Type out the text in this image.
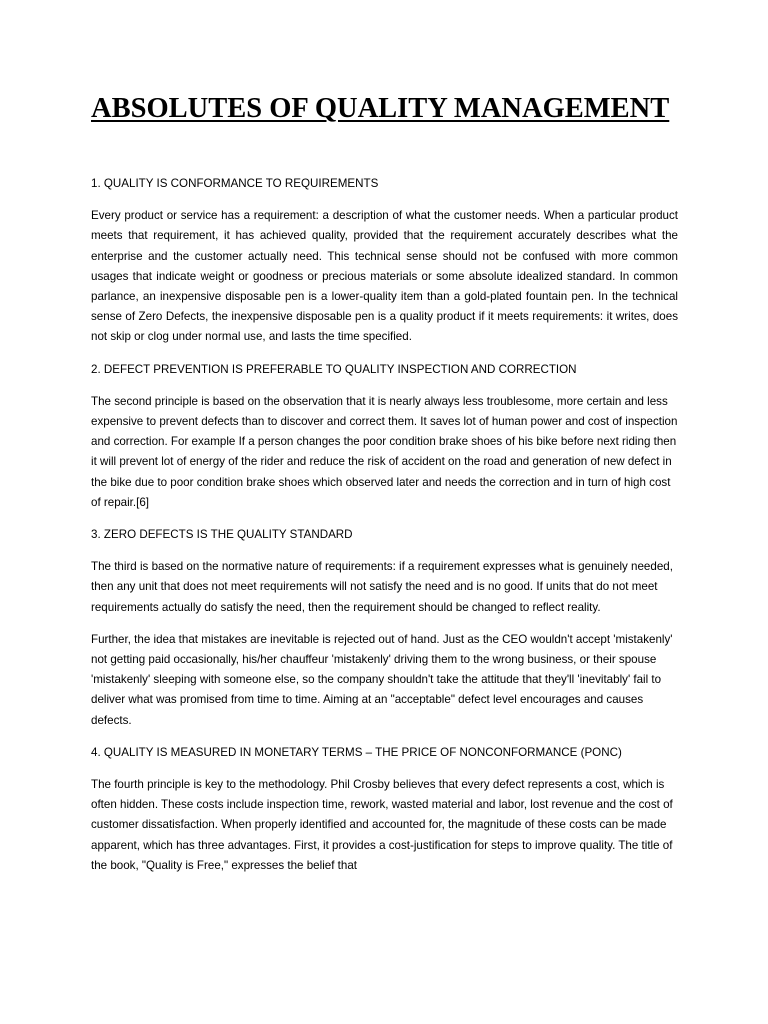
ABSOLUTES OF QUALITY MANAGEMENT

1. QUALITY IS CONFORMANCE TO REQUIREMENTS

Every product or service has a requirement: a description of what the customer needs. When a particular product meets that requirement, it has achieved quality, provided that the requirement accurately describes what the enterprise and the customer actually need. This technical sense should not be confused with more common usages that indicate weight or goodness or precious materials or some absolute idealized standard. In common parlance, an inexpensive disposable pen is a lower-quality item than a gold-plated fountain pen. In the technical sense of Zero Defects, the inexpensive disposable pen is a quality product if it meets requirements: it writes, does not skip or clog under normal use, and lasts the time specified.

2. DEFECT PREVENTION IS PREFERABLE TO QUALITY INSPECTION AND CORRECTION

The second principle is based on the observation that it is nearly always less troublesome, more certain and less expensive to prevent defects than to discover and correct them. It saves lot of human power and cost of inspection and correction. For example If a person changes the poor condition brake shoes of his bike before next riding then it will prevent lot of energy of the rider and reduce the risk of accident on the road and generation of new defect in the bike due to poor condition brake shoes which observed later and needs the correction and in turn of high cost of repair.[6]

3. ZERO DEFECTS IS THE QUALITY STANDARD

The third is based on the normative nature of requirements: if a requirement expresses what is genuinely needed, then any unit that does not meet requirements will not satisfy the need and is no good. If units that do not meet requirements actually do satisfy the need, then the requirement should be changed to reflect reality.

Further, the idea that mistakes are inevitable is rejected out of hand. Just as the CEO wouldn't accept 'mistakenly' not getting paid occasionally, his/her chauffeur 'mistakenly' driving them to the wrong business, or their spouse 'mistakenly' sleeping with someone else, so the company shouldn't take the attitude that they'll 'inevitably' fail to deliver what was promised from time to time. Aiming at an "acceptable" defect level encourages and causes defects.

4. QUALITY IS MEASURED IN MONETARY TERMS – THE PRICE OF NONCONFORMANCE (PONC)

The fourth principle is key to the methodology. Phil Crosby believes that every defect represents a cost, which is often hidden. These costs include inspection time, rework, wasted material and labor, lost revenue and the cost of customer dissatisfaction. When properly identified and accounted for, the magnitude of these costs can be made apparent, which has three advantages. First, it provides a cost-justification for steps to improve quality. The title of the book, "Quality is Free," expresses the belief that
